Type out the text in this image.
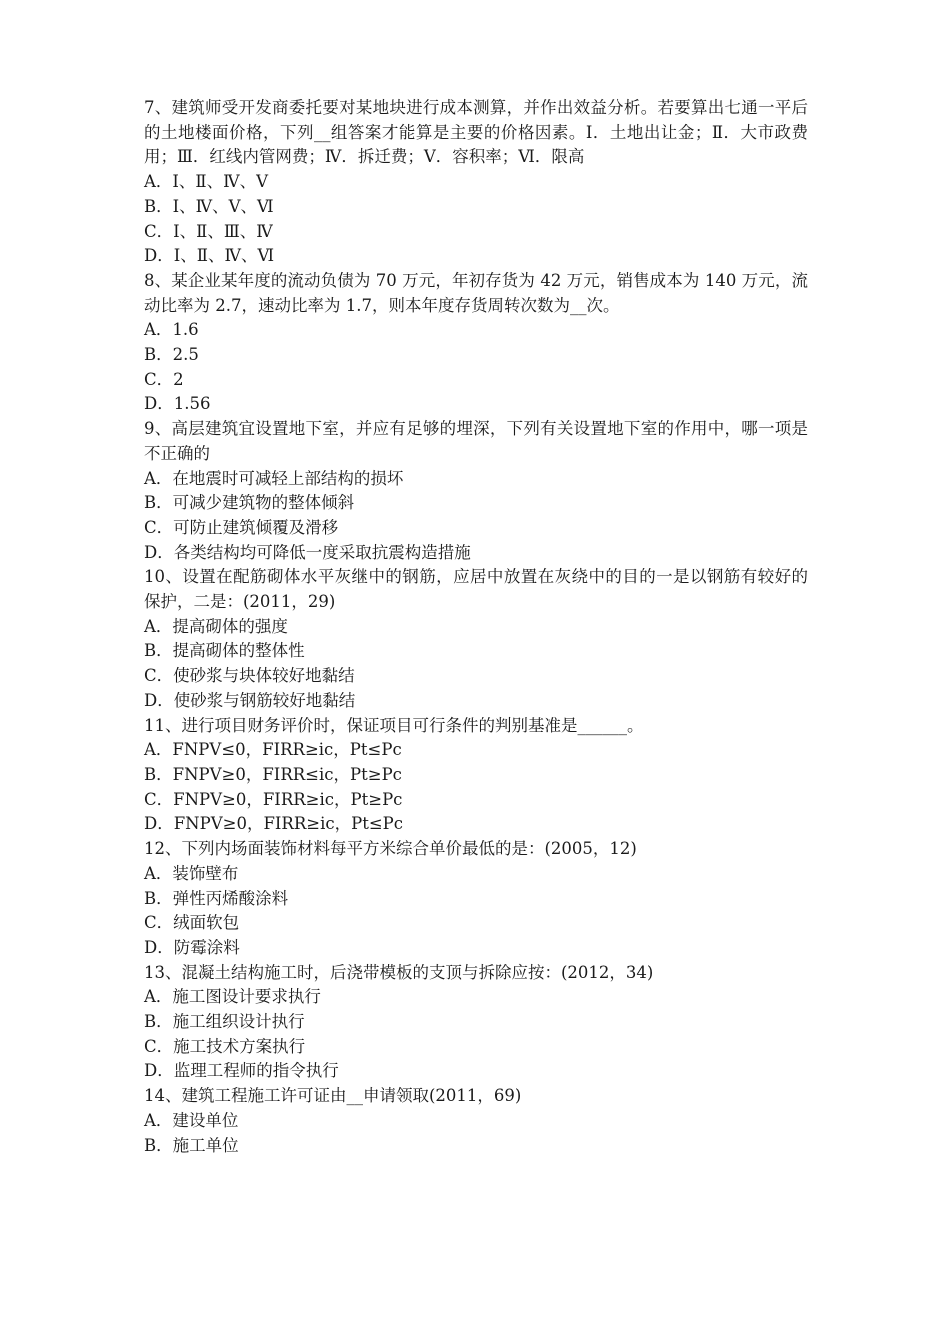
7、建筑师受开发商委托要对某地块进行成本测算，并作出效益分析。若要算出七通一平后的土地楼面价格，下列__组答案才能算是主要的价格因素。Ⅰ．土地出让金；Ⅱ．大市政费用；Ⅲ．红线内管网费；Ⅳ．拆迁费；Ⅴ．容积率；Ⅵ．限高

A．Ⅰ、Ⅱ、Ⅳ、Ⅴ

B．Ⅰ、Ⅳ、Ⅴ、Ⅵ

C．Ⅰ、Ⅱ、Ⅲ、Ⅳ

D．Ⅰ、Ⅱ、Ⅳ、Ⅵ

8、某企业某年度的流动负债为 70 万元，年初存货为 42 万元，销售成本为 140 万元，流动比率为 2.7，速动比率为 1.7，则本年度存货周转次数为__次。

A．1.6

B．2.5

C．2

D．1.56

9、高层建筑宜设置地下室，并应有足够的埋深，下列有关设置地下室的作用中，哪一项是不正确的

A．在地震时可减轻上部结构的损坏

B．可减少建筑物的整体倾斜

C．可防止建筑倾覆及滑移

D．各类结构均可降低一度采取抗震构造措施

10、设置在配筋砌体水平灰继中的钢筋，应居中放置在灰绕中的目的一是以钢筋有较好的保护，二是：(2011，29)

A．提高砌体的强度

B．提高砌体的整体性

C．使砂浆与块体较好地黏结

D．使砂浆与钢筋较好地黏结

11、进行项目财务评价时，保证项目可行条件的判别基准是______。

A．FNPV≤0，FIRR≥ic，Pt≤Pc

B．FNPV≥0，FIRR≤ic，Pt≥Pc

C．FNPV≥0，FIRR≥ic，Pt≥Pc

D．FNPV≥0，FIRR≥ic，Pt≤Pc

12、下列内场面装饰材料每平方米综合单价最低的是：(2005，12)

A．装饰壁布

B．弹性丙烯酸涂料

C．绒面软包

D．防霉涂料

13、混凝土结构施工时，后浇带模板的支顶与拆除应按：(2012，34)

A．施工图设计要求执行

B．施工组织设计执行

C．施工技术方案执行

D．监理工程师的指令执行

14、建筑工程施工许可证由__申请领取(2011，69)

A．建设单位

B．施工单位
